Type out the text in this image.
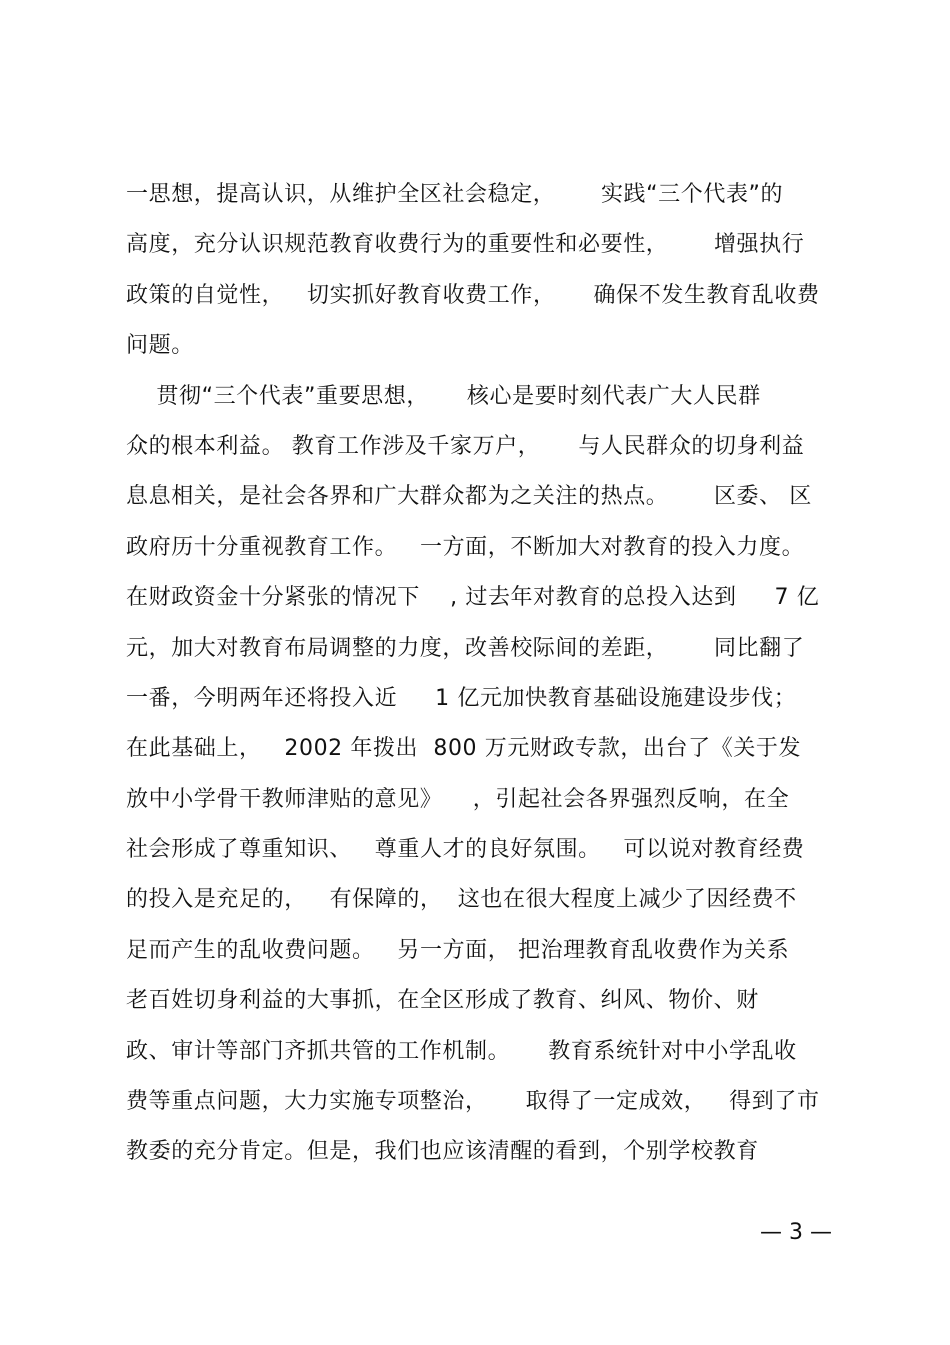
一思想，提高认识，从维护全区社会稳定，      实践“三个代表”的
高度，充分认识规范教育收费行为的重要性和必要性，      增强执行
政策的自觉性，   切实抓好教育收费工作，     确保不发生教育乱收费
问题。
贯彻“三个代表”重要思想，     核心是要时刻代表广大人民群
众的根本利益。 教育工作涉及千家万户，     与人民群众的切身利益
息息相关，是社会各界和广大群众都为之关注的热点。      区委、 区
政府历十分重视教育工作。   一方面，不断加大对教育的投入力度。
在财政资金十分紧张的情况下    , 过去年对教育的总投入达到     7 亿
元，加大对教育布局调整的力度，改善校际间的差距，      同比翻了
一番，今明两年还将投入近     1 亿元加快教育基础设施建设步伐；
在此基础上，   2002 年拨出  800 万元财政专款，出台了《关于发
放中小学骨干教师津贴的意见》    ，引起社会各界强烈反响，在全
社会形成了尊重知识、   尊重人才的良好氛围。   可以说对教育经费
的投入是充足的，   有保障的，  这也在很大程度上减少了因经费不
足而产生的乱收费问题。   另一方面， 把治理教育乱收费作为关系
老百姓切身利益的大事抓，在全区形成了教育、纠风、物价、财
政、审计等部门齐抓共管的工作机制。     教育系统针对中小学乱收
费等重点问题，大力实施专项整治，     取得了一定成效，   得到了市
教委的充分肯定。但是，我们也应该清醒的看到，个别学校教育
— 3 —
